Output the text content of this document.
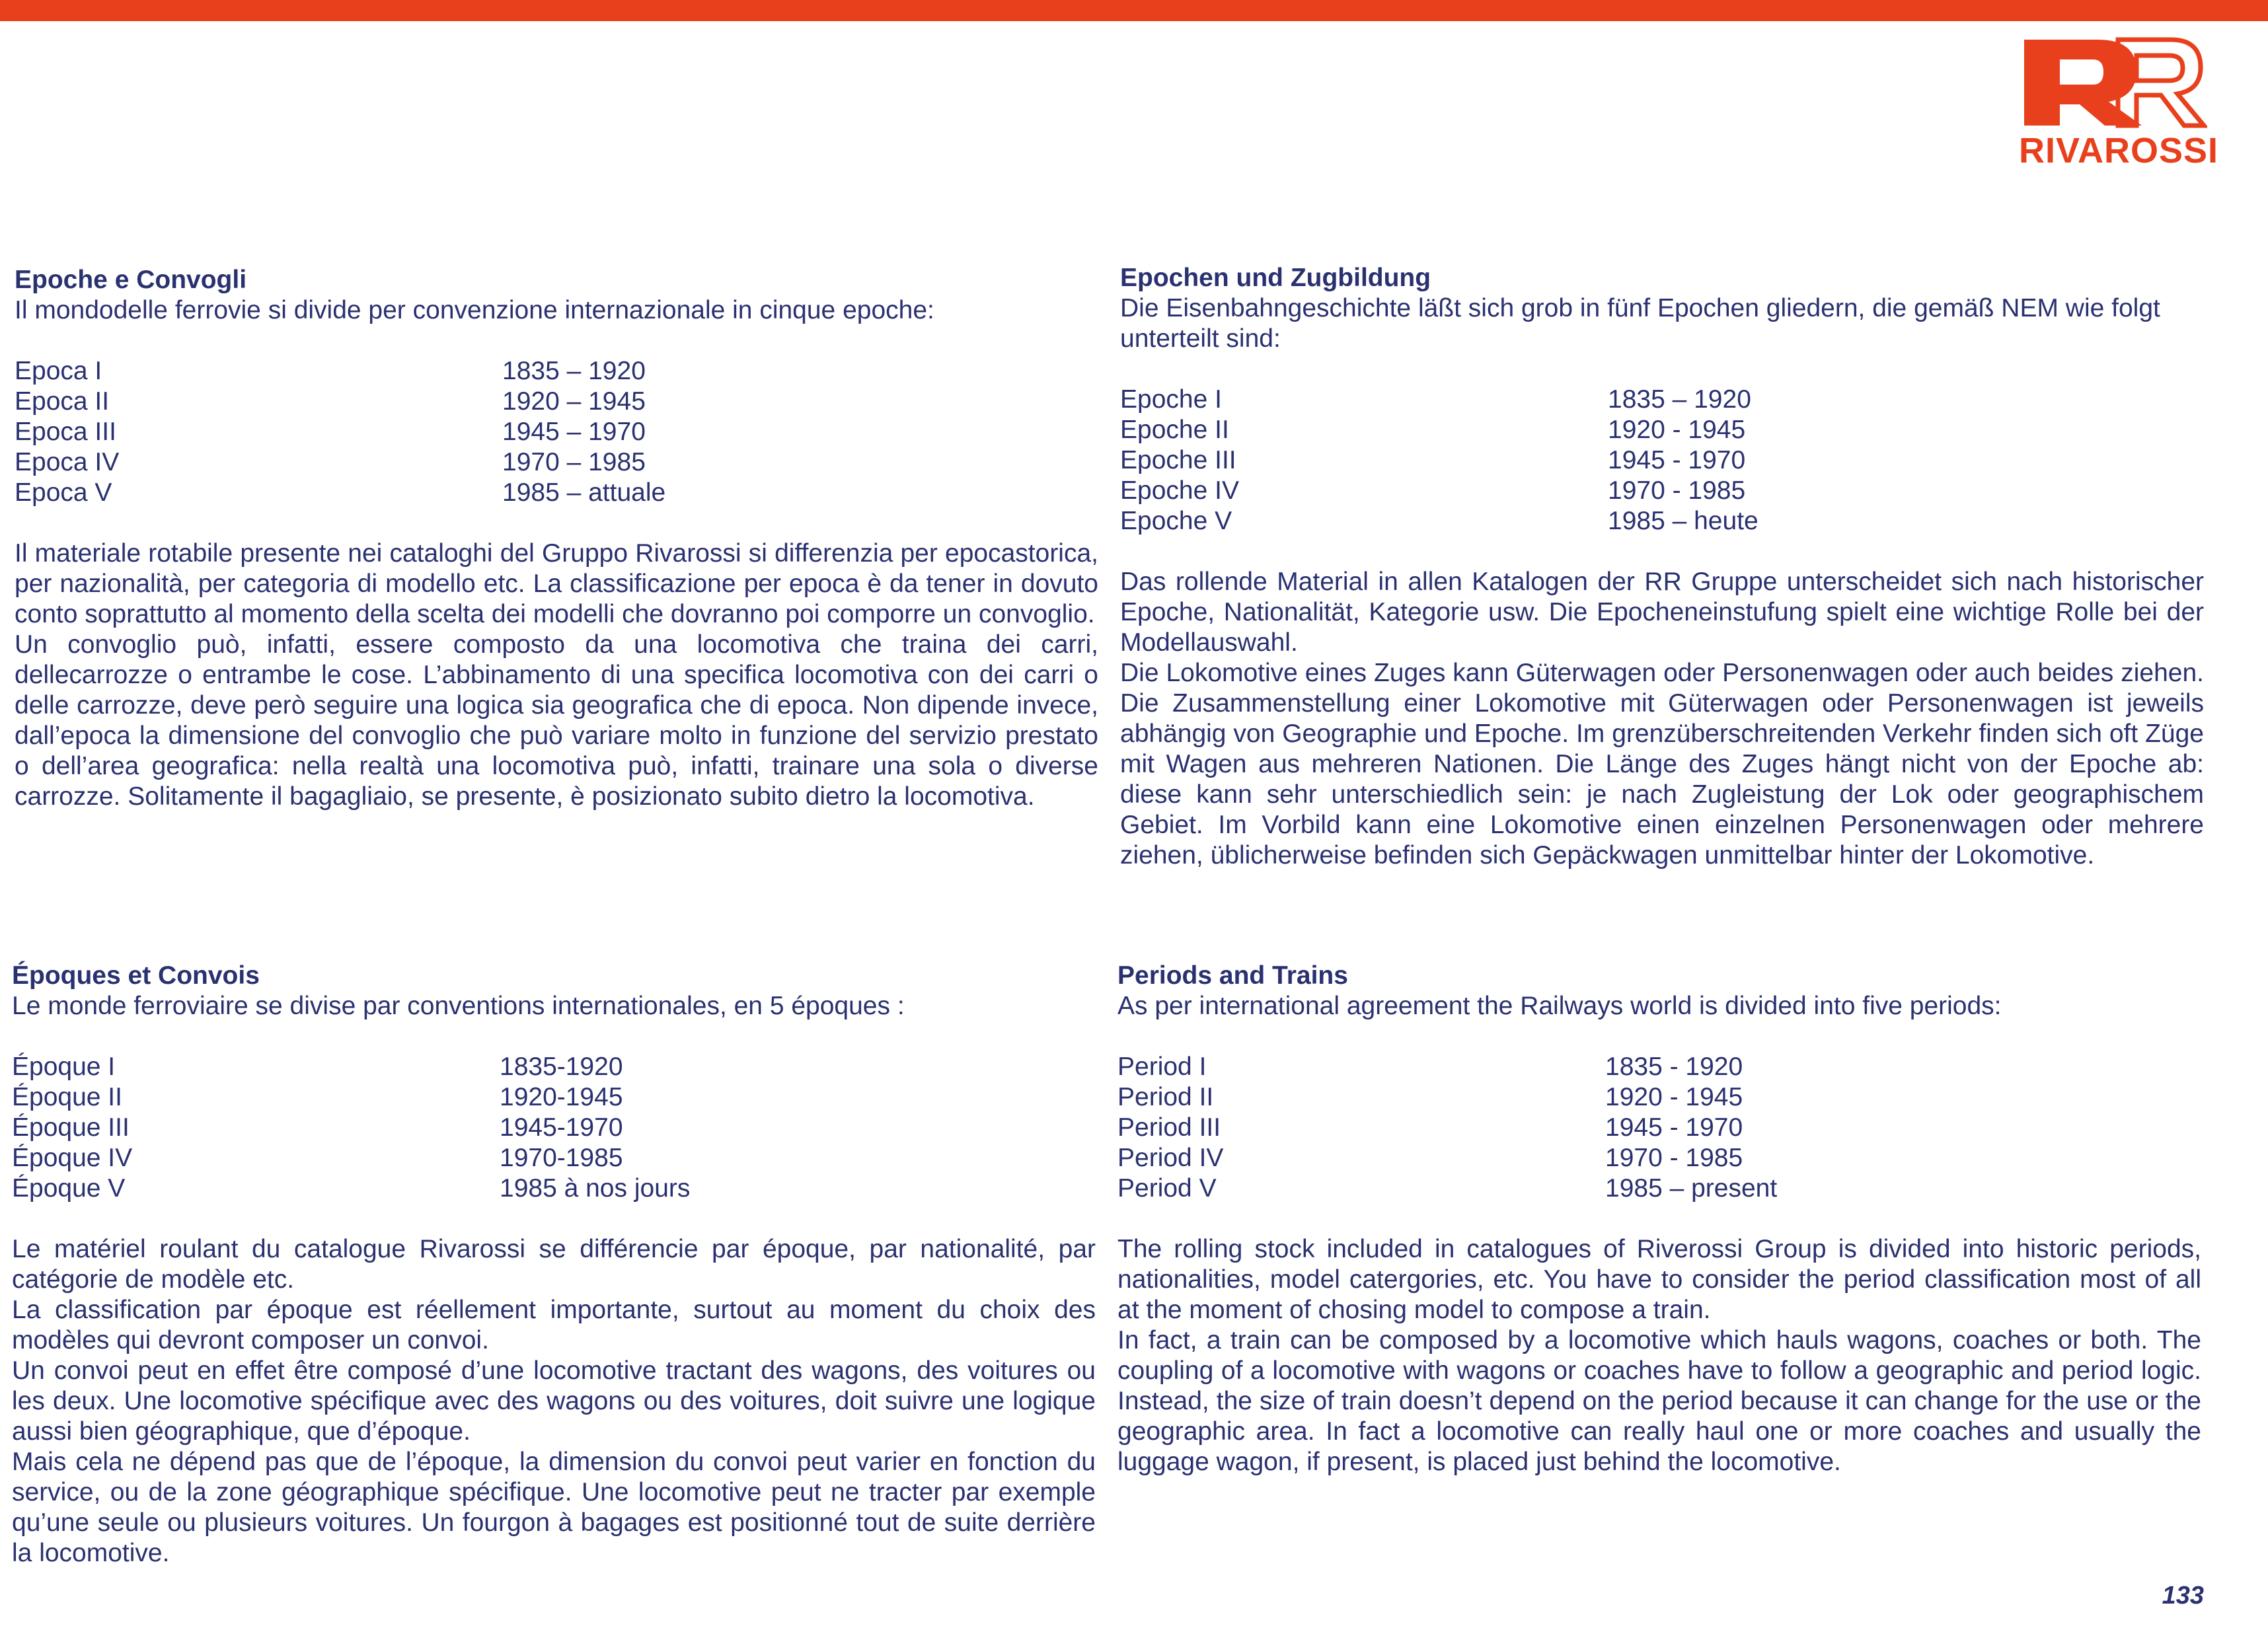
RIVAROSSI
Epoche e Convogli
Il mondodelle ferrovie si divide per convenzione internazionale in cinque epoche:
Epoca I	1835 – 1920
Epoca II	1920 – 1945
Epoca III	1945 – 1970
Epoca IV	1970 – 1985
Epoca V	1985 – attuale

Il materiale rotabile presente nei cataloghi del Gruppo Rivarossi si differenzia per epocastorica, per nazionalità, per categoria di modello etc. La classificazione per epoca è da tener in dovuto conto soprattutto al momento della scelta dei modelli che dovranno poi comporre un convoglio.

Un convoglio può, infatti, essere composto da una locomotiva che traina dei carri, dellecarrozze o entrambe le cose. L’abbinamento di una specifica locomotiva con dei carri o delle carrozze, deve però seguire una logica sia geografica che di epoca. Non dipende invece, dall’epoca la dimensione del convoglio che può variare molto in funzione del servizio prestato o dell’area geografica: nella realtà una locomotiva può, infatti, trainare una sola o diverse carrozze. Solitamente il bagagliaio, se presente, è posizionato subito dietro la locomotiva.

Epochen und Zugbildung
Die Eisenbahngeschichte läßt sich grob in fünf Epochen gliedern, die gemäß NEM wie folgt unterteilt sind:
Epoche I	1835 – 1920
Epoche II	1920 - 1945
Epoche III	1945 - 1970
Epoche IV	1970 - 1985
Epoche V	1985 – heute

Das rollende Material in allen Katalogen der RR Gruppe unterscheidet sich nach historischer Epoche, Nationalität, Kategorie usw. Die Epocheneinstufung spielt eine wichtige Rolle bei der Modellauswahl.

Die Lokomotive eines Zuges kann Güterwagen oder Personenwagen oder auch beides ziehen. Die Zusammenstellung einer Lokomotive mit Güterwagen oder Personenwagen ist jeweils abhängig von Geographie und Epoche. Im grenzüberschreitenden Verkehr finden sich oft Züge mit Wagen aus mehreren Nationen. Die Länge des Zuges hängt nicht von der Epoche ab: diese kann sehr unterschiedlich sein: je nach Zugleistung der Lok oder geographischem Gebiet. Im Vorbild kann eine Lokomotive einen einzelnen Personenwagen oder mehrere ziehen, üblicherweise befinden sich Gepäckwagen unmittelbar hinter der Lokomotive.

Époques et Convois
Le monde ferroviaire se divise par conventions internationales, en 5 époques :
Époque I	1835-1920
Époque II	1920-1945
Époque III	1945-1970
Époque IV	1970-1985
Époque V	1985 à nos jours

Le matériel roulant du catalogue Rivarossi se différencie par époque, par nationalité, par catégorie de modèle etc.

La classification par époque est réellement importante, surtout au moment du choix des modèles qui devront composer un convoi.

Un convoi peut en effet être composé d’une locomotive tractant des wagons, des voitures ou les deux. Une locomotive spécifique avec des wagons ou des voitures, doit suivre une logique aussi bien géographique, que d’époque.

Mais cela ne dépend pas que de l’époque, la dimension du convoi peut varier en fonction du service, ou de la zone géographique spécifique. Une locomotive peut ne tracter par exemple qu’une seule ou plusieurs voitures. Un fourgon à bagages est positionné tout de suite derrière la locomotive.

Periods and Trains
As per international agreement the Railways world is divided into five periods:
Period I	1835 - 1920
Period II	1920 - 1945
Period III	1945 - 1970
Period IV	1970 - 1985
Period V	1985 – present

The rolling stock included in catalogues of Riverossi Group is divided into historic periods, nationalities, model catergories, etc. You have to consider the period classification most of all at the moment of chosing model to compose a train.

In fact, a train can be composed by a locomotive which hauls wagons, coaches or both. The coupling of a locomotive with wagons or coaches have to follow a geographic and period logic. Instead, the size of train doesn’t depend on the period because it can change for the use or the geographic area. In fact a locomotive can really haul one or more coaches and usually the luggage wagon, if present, is placed just behind the locomotive.

133
